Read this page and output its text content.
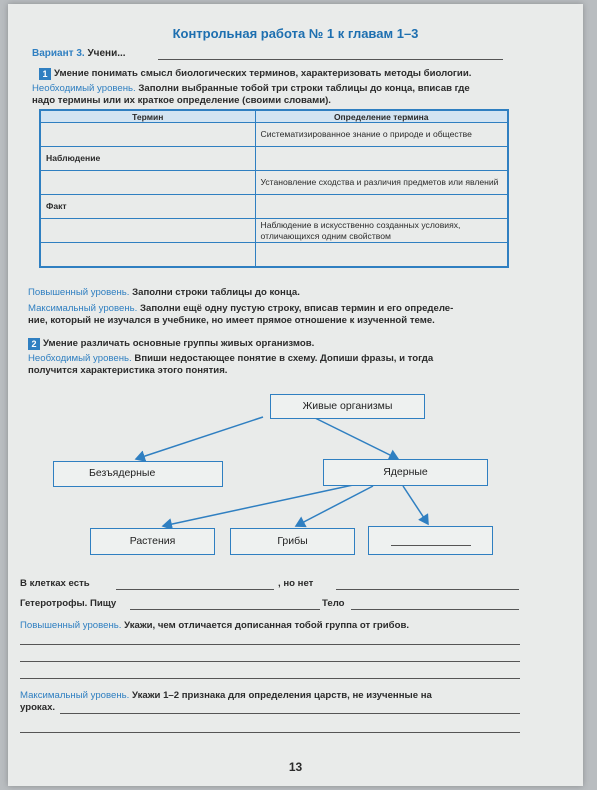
Контрольная работа № 1 к главам 1–3
Вариант 3. Учени...
1 Умение понимать смысл биологических терминов, характеризовать методы биологии.
Необходимый уровень. Заполни выбранные тобой три строки таблицы до конца, вписав где
надо термины или их краткое определение (своими словами).
Термин	Определение термина
	Систематизированное знание о природе и обществе
Наблюдение	
	Установление сходства и различия предметов или явлений
Факт	
	Наблюдение в искусственно созданных условиях, отличающихся одним свойством

Повышенный уровень. Заполни строки таблицы до конца.
Максимальный уровень. Заполни ещё одну пустую строку, вписав термин и его определе-
ние, который не изучался в учебнике, но имеет прямое отношение к изученной теме.
2 Умение различать основные группы живых организмов.
Необходимый уровень. Впиши недостающее понятие в схему. Допиши фразы, и тогда
получится характеристика этого понятия.
Живые организмы
Безъядерные	Ядерные
Растения	Грибы
В клетках есть	, но нет
Гетеротрофы. Пищу	Тело
Повышенный уровень. Укажи, чем отличается дописанная тобой группа от грибов.
Максимальный уровень. Укажи 1–2 признака для определения царств, не изученные на
уроках.
13
